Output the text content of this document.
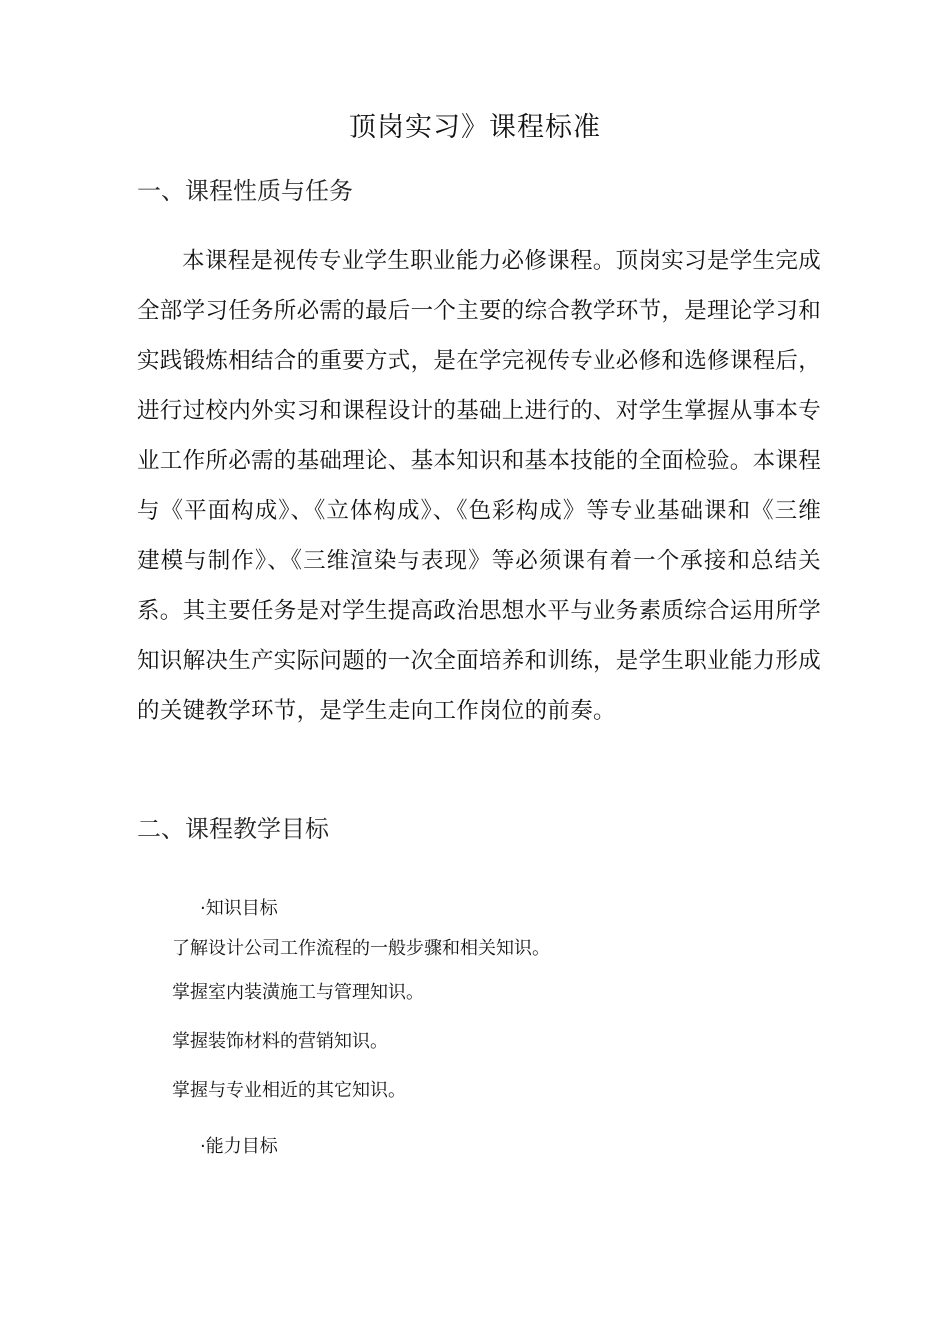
顶岗实习》课程标准
一、课程性质与任务

本课程是视传专业学生职业能力必修课程。顶岗实习是学生完成全部学习任务所必需的最后一个主要的综合教学环节，是理论学习和实践锻炼相结合的重要方式，是在学完视传专业必修和选修课程后，进行过校内外实习和课程设计的基础上进行的、对学生掌握从事本专业工作所必需的基础理论、基本知识和基本技能的全面检验。本课程与《平面构成》、《立体构成》、《色彩构成》等专业基础课和《三维建模与制作》、《三维渲染与表现》等必须课有着一个承接和总结关系。其主要任务是对学生提高政治思想水平与业务素质综合运用所学知识解决生产实际问题的一次全面培养和训练，是学生职业能力形成的关键教学环节，是学生走向工作岗位的前奏。

二、课程教学目标
·知识目标
了解设计公司工作流程的一般步骤和相关知识。
掌握室内装潢施工与管理知识。
掌握装饰材料的营销知识。
掌握与专业相近的其它知识。
·能力目标
